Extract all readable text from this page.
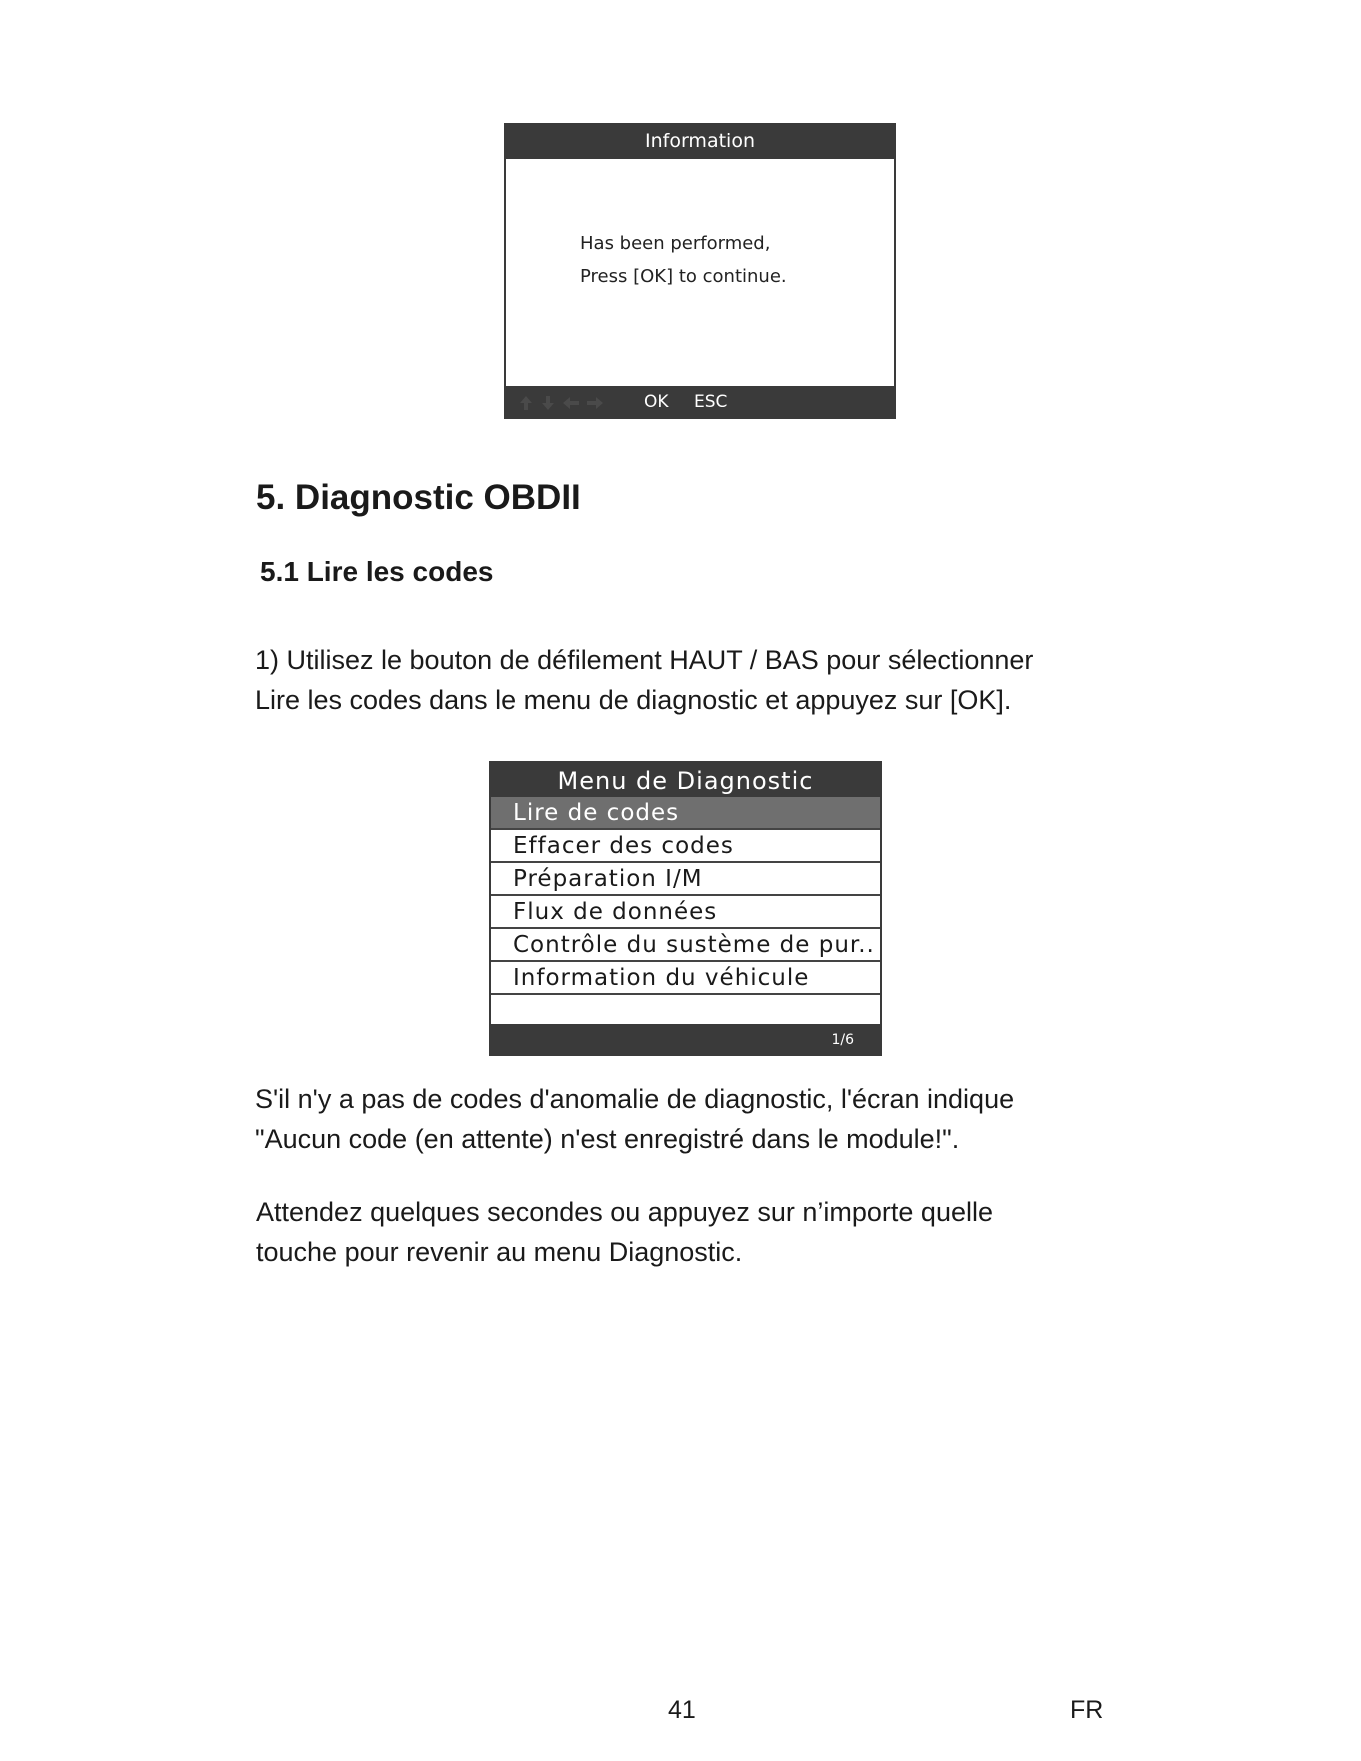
Information
Has been performed,
Press [OK] to continue.
OK ESC
5. Diagnostic OBDII
5.1 Lire les codes
1) Utilisez le bouton de défilement HAUT / BAS pour sélectionner
Lire les codes dans le menu de diagnostic et appuyez sur [OK].
Menu de Diagnostic
Lire de codes
Effacer des codes
Préparation I/M
Flux de données
Contrôle du sustème de pur..
Information du véhicule
1/6
S'il n'y a pas de codes d'anomalie de diagnostic, l'écran indique
"Aucun code (en attente) n'est enregistré dans le module!".
Attendez quelques secondes ou appuyez sur n’importe quelle
touche pour revenir au menu Diagnostic.
41	FR
